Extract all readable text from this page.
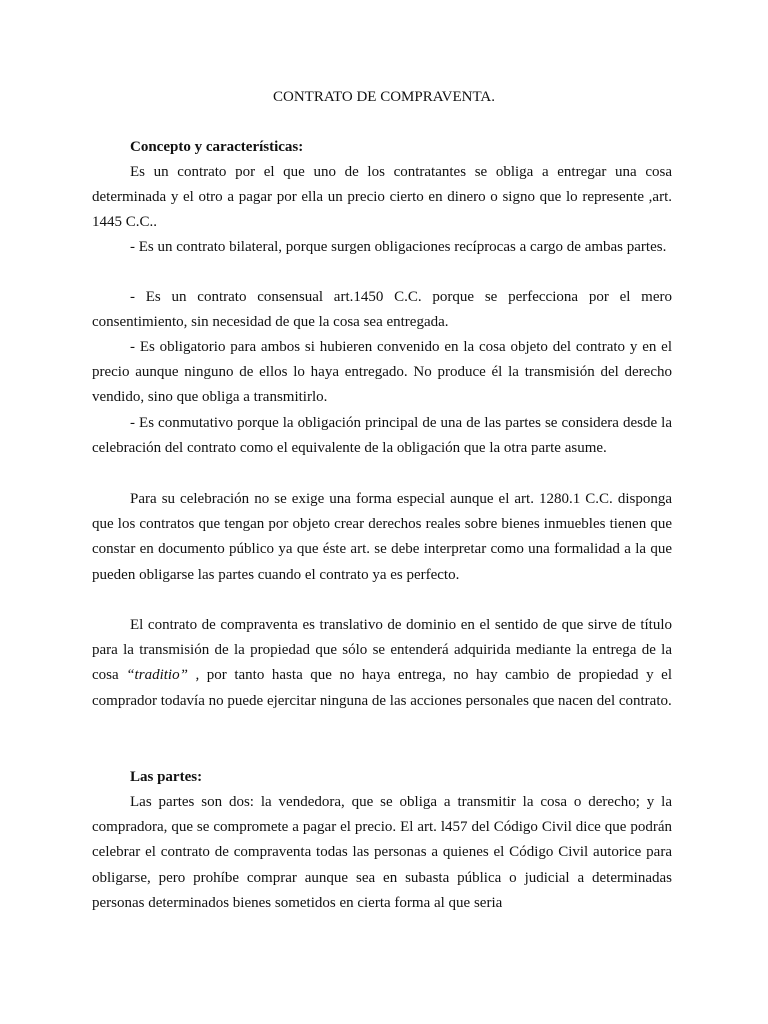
CONTRATO DE COMPRAVENTA.
Concepto y características:

Es un contrato por el que uno de los contratantes se obliga a entregar una cosa determinada y el otro a pagar por ella un precio cierto en dinero o signo que lo represente ,art. 1445 C.C..

- Es un contrato bilateral, porque surgen obligaciones recíprocas a cargo de ambas partes.

- Es un contrato consensual art.1450 C.C. porque se perfecciona por el mero consentimiento, sin necesidad de que la cosa sea entregada.

- Es obligatorio para ambos si hubieren convenido en la cosa objeto del contrato y en el precio aunque ninguno de ellos lo haya entregado. No produce él la transmisión del derecho vendido, sino que obliga a transmitirlo.

- Es conmutativo porque la obligación principal de una de las partes se considera desde la celebración del contrato como el equivalente de la obligación que la otra parte asume.

Para su celebración no se exige una forma especial aunque el art. 1280.1 C.C. disponga que los contratos que tengan por objeto crear derechos reales sobre bienes inmuebles tienen que constar en documento público ya que éste art. se debe interpretar como una formalidad a la que pueden obligarse las partes cuando el contrato ya es perfecto.

El contrato de compraventa es translativo de dominio en el sentido de que sirve de título para la transmisión de la propiedad que sólo se entenderá adquirida mediante la entrega de la cosa “traditio” , por tanto hasta que no haya entrega, no hay cambio de propiedad y el comprador todavía no puede ejercitar ninguna de las acciones personales que nacen del contrato.

Las partes:

Las partes son dos: la vendedora, que se obliga a transmitir la cosa o derecho; y la compradora, que se compromete a pagar el precio. El art. l457 del Código Civil dice que podrán celebrar el contrato de compraventa todas las personas a quienes el Código Civil autorice para obligarse, pero prohíbe comprar aunque sea en subasta pública o judicial a determinadas personas determinados bienes sometidos en cierta forma al que seria
